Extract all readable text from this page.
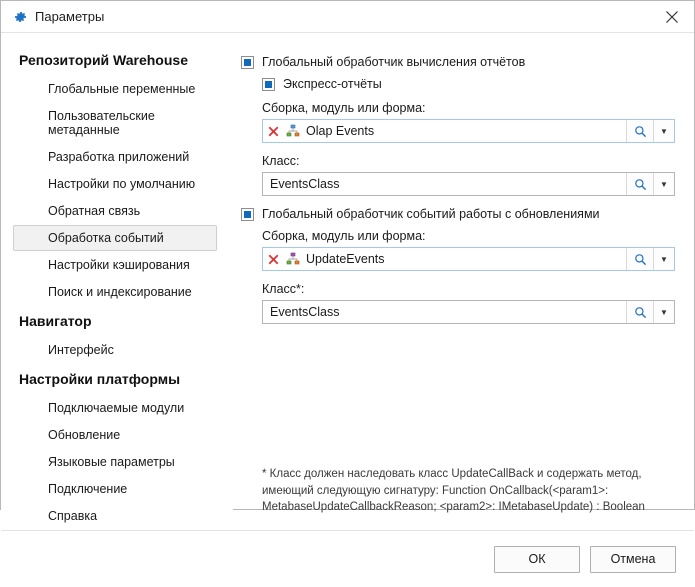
Параметры
Репозиторий Warehouse
Глобальные переменные
Пользовательские метаданные
Разработка приложений
Настройки по умолчанию
Обратная связь
Обработка событий
Настройки кэширования
Поиск и индексирование
Навигатор
Интерфейс
Настройки платформы
Подключаемые модули
Обновление
Языковые параметры
Подключение
Справка
Глобальный обработчик вычисления отчётов
Экспресс-отчёты
Сборка, модуль или форма:
Olap Events	▼
Класс:
EventsClass	▼
Глобальный обработчик событий работы с обновлениями
Сборка, модуль или форма:
UpdateEvents	▼
Класс*:
EventsClass	▼
* Класс должен наследовать класс UpdateCallBack и содержать метод, имеющий следующую сигнатуру: Function OnCallback(<param1>: MetabaseUpdateCallbackReason; <param2>: IMetabaseUpdate) : Boolean
ОК	Отмена
